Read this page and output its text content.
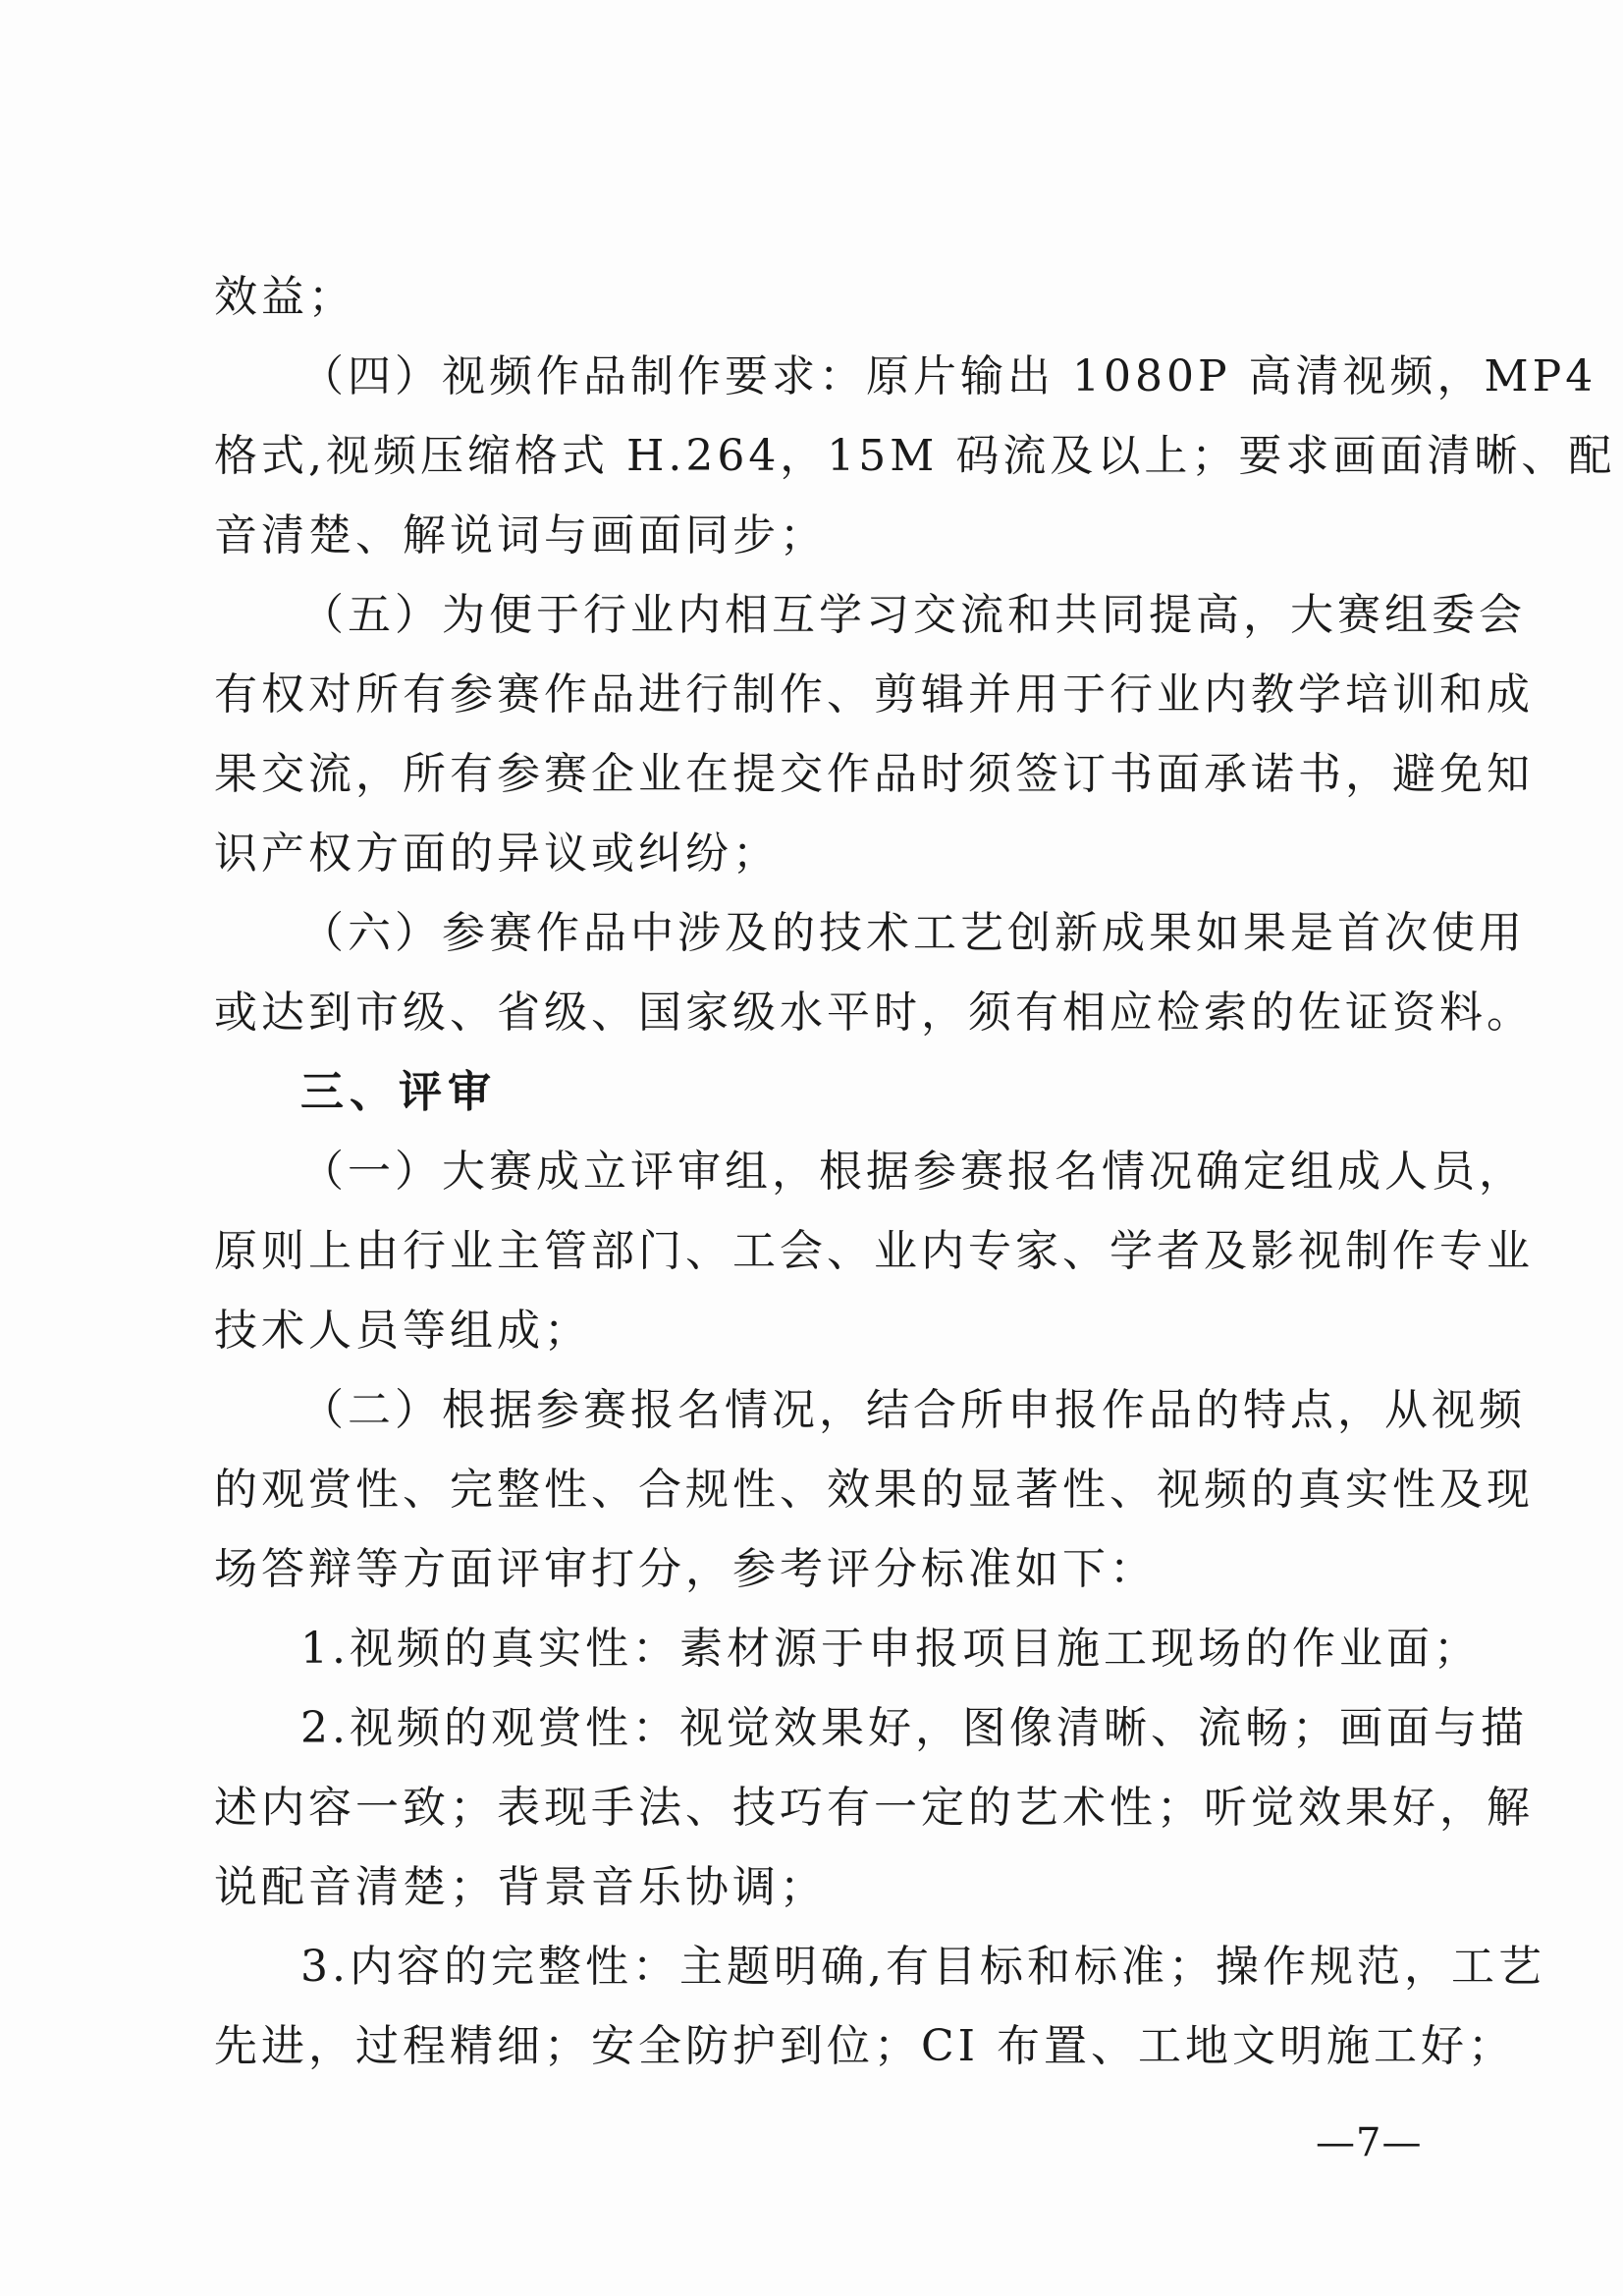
效益；
（四）视频作品制作要求：原片输出 1080P 高清视频，MP4
格式,视频压缩格式 H.264，15M 码流及以上；要求画面清晰、配
音清楚、解说词与画面同步；
（五）为便于行业内相互学习交流和共同提高，大赛组委会
有权对所有参赛作品进行制作、剪辑并用于行业内教学培训和成
果交流，所有参赛企业在提交作品时须签订书面承诺书，避免知
识产权方面的异议或纠纷；
（六）参赛作品中涉及的技术工艺创新成果如果是首次使用
或达到市级、省级、国家级水平时，须有相应检索的佐证资料。
三、评审
（一）大赛成立评审组，根据参赛报名情况确定组成人员，
原则上由行业主管部门、工会、业内专家、学者及影视制作专业
技术人员等组成；
（二）根据参赛报名情况，结合所申报作品的特点，从视频
的观赏性、完整性、合规性、效果的显著性、视频的真实性及现
场答辩等方面评审打分，参考评分标准如下：
1.视频的真实性：素材源于申报项目施工现场的作业面；
2.视频的观赏性：视觉效果好，图像清晰、流畅；画面与描
述内容一致；表现手法、技巧有一定的艺术性；听觉效果好，解
说配音清楚；背景音乐协调；
3.内容的完整性：主题明确,有目标和标准；操作规范，工艺
先进，过程精细；安全防护到位；CI 布置、工地文明施工好；
—7—
